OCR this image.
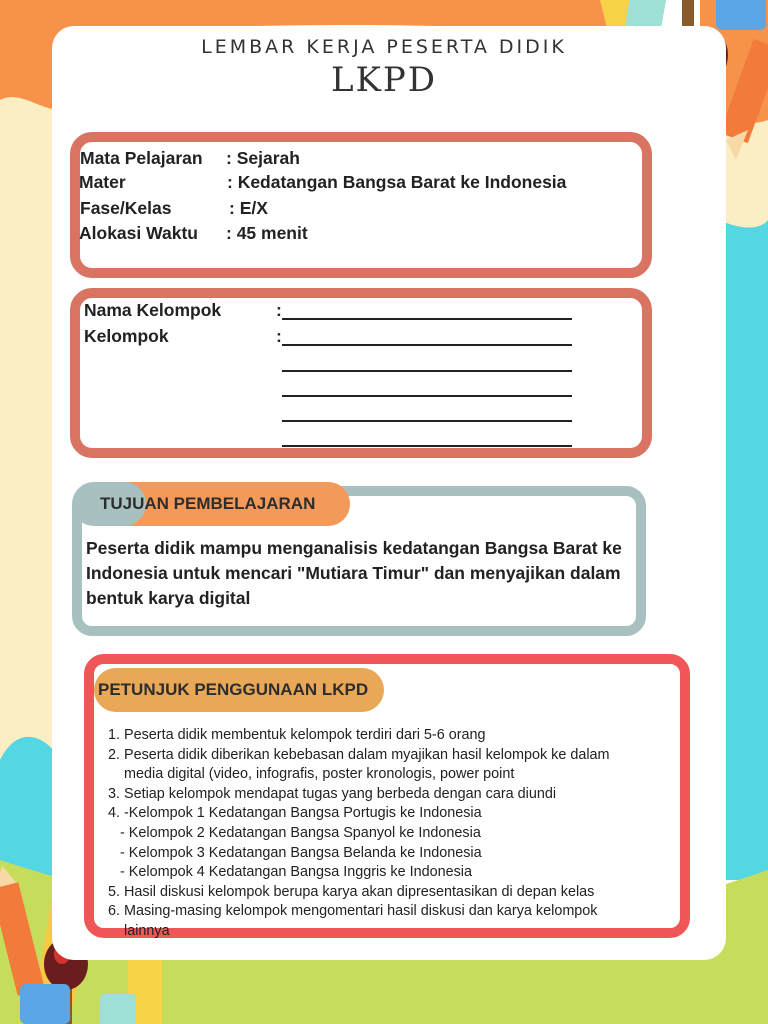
LEMBAR KERJA PESERTA DIDIK
LKPD
Mata Pelajaran : Sejarah
Mater	: Kedatangan Bangsa Barat ke Indonesia
Fase/Kelas	: E/X
Alokasi Waktu : 45 menit
Nama Kelompok	:
Kelompok	:
TUJUAN PEMBELAJARAN
Peserta didik mampu menganalisis kedatangan Bangsa Barat ke Indonesia untuk mencari "Mutiara Timur" dan menyajikan dalam bentuk karya digital
PETUNJUK PENGGUNAAN LKPD
1. Peserta didik membentuk kelompok terdiri dari 5-6 orang
2. Peserta didik diberikan kebebasan dalam myajikan hasil kelompok ke dalam
media digital (video, infografis, poster kronologis, power point
3. Setiap kelompok mendapat tugas yang berbeda dengan cara diundi
4. -Kelompok 1 Kedatangan Bangsa Portugis ke Indonesia
- Kelompok 2 Kedatangan Bangsa Spanyol ke Indonesia
- Kelompok 3 Kedatangan Bangsa Belanda ke Indonesia
- Kelompok 4 Kedatangan Bangsa Inggris ke Indonesia
5. Hasil diskusi kelompok berupa karya akan dipresentasikan di depan kelas
6. Masing-masing kelompok mengomentari hasil diskusi dan karya kelompok
lainnya
